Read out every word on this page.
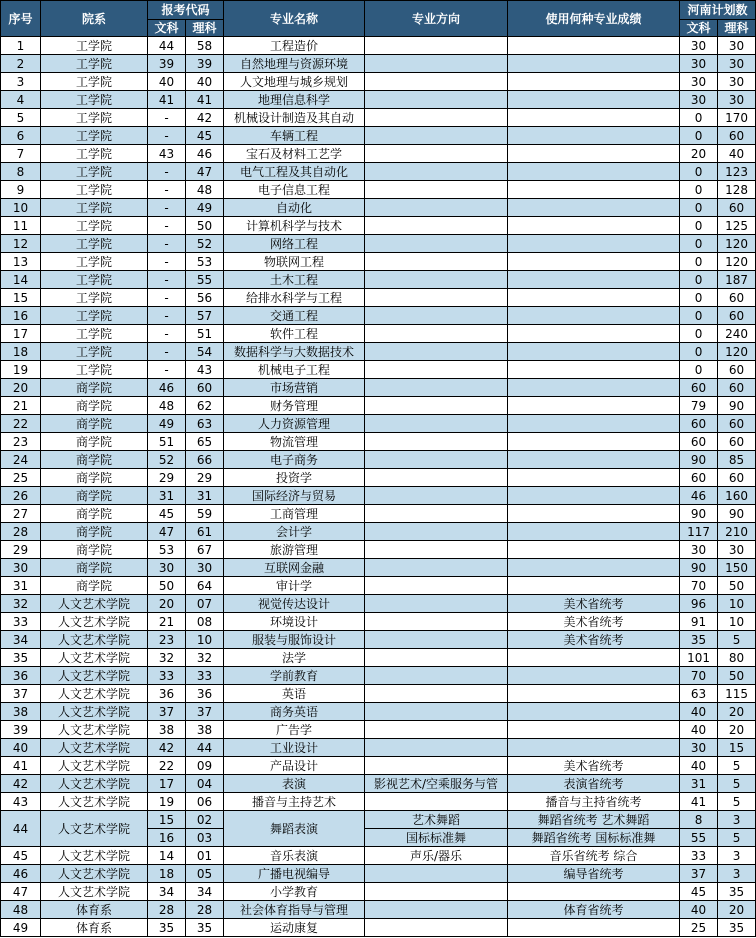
序号	院系	报考代码		专业名称	专业方向	使用何种专业成绩	河南计划数	
		文科	理科				文科	理科
1	工学院	44	58	工程造价			30	30
2	工学院	39	39	自然地理与资源环境			30	30
3	工学院	40	40	人文地理与城乡规划			30	30
4	工学院	41	41	地理信息科学			30	30
5	工学院	-	42	机械设计制造及其自动			0	170
6	工学院	-	45	车辆工程			0	60
7	工学院	43	46	宝石及材料工艺学			20	40
8	工学院	-	47	电气工程及其自动化			0	123
9	工学院	-	48	电子信息工程			0	128
10	工学院	-	49	自动化			0	60
11	工学院	-	50	计算机科学与技术			0	125
12	工学院	-	52	网络工程			0	120
13	工学院	-	53	物联网工程			0	120
14	工学院	-	55	土木工程			0	187
15	工学院	-	56	给排水科学与工程			0	60
16	工学院	-	57	交通工程			0	60
17	工学院	-	51	软件工程			0	240
18	工学院	-	54	数据科学与大数据技术			0	120
19	工学院	-	43	机械电子工程			0	60
20	商学院	46	60	市场营销			60	60
21	商学院	48	62	财务管理			79	90
22	商学院	49	63	人力资源管理			60	60
23	商学院	51	65	物流管理			60	60
24	商学院	52	66	电子商务			90	85
25	商学院	29	29	投资学			60	60
26	商学院	31	31	国际经济与贸易			46	160
27	商学院	45	59	工商管理			90	90
28	商学院	47	61	会计学			117	210
29	商学院	53	67	旅游管理			30	30
30	商学院	30	30	互联网金融			90	150
31	商学院	50	64	审计学			70	50
32	人文艺术学院	20	07	视觉传达设计		美术省统考	96	10
33	人文艺术学院	21	08	环境设计		美术省统考	91	10
34	人文艺术学院	23	10	服装与服饰设计		美术省统考	35	5
35	人文艺术学院	32	32	法学			101	80
36	人文艺术学院	33	33	学前教育			70	50
37	人文艺术学院	36	36	英语			63	115
38	人文艺术学院	37	37	商务英语			40	20
39	人文艺术学院	38	38	广告学			40	20
40	人文艺术学院	42	44	工业设计			30	15
41	人文艺术学院	22	09	产品设计		美术省统考	40	5
42	人文艺术学院	17	04	表演	影视艺术/空乘服务与管	表演省统考	31	5
43	人文艺术学院	19	06	播音与主持艺术		播音与主持省统考	41	5
44	人文艺术学院	15	02	舞蹈表演	艺术舞蹈	舞蹈省统考 艺术舞蹈	8	3
		16	03		国标标准舞	舞蹈省统考 国标标准舞	55	5
45	人文艺术学院	14	01	音乐表演	声乐/器乐	音乐省统考 综合	33	3
46	人文艺术学院	18	05	广播电视编导		编导省统考	37	3
47	人文艺术学院	34	34	小学教育			45	35
48	体育系	28	28	社会体育指导与管理		体育省统考	40	20
49	体育系	35	35	运动康复			25	35
